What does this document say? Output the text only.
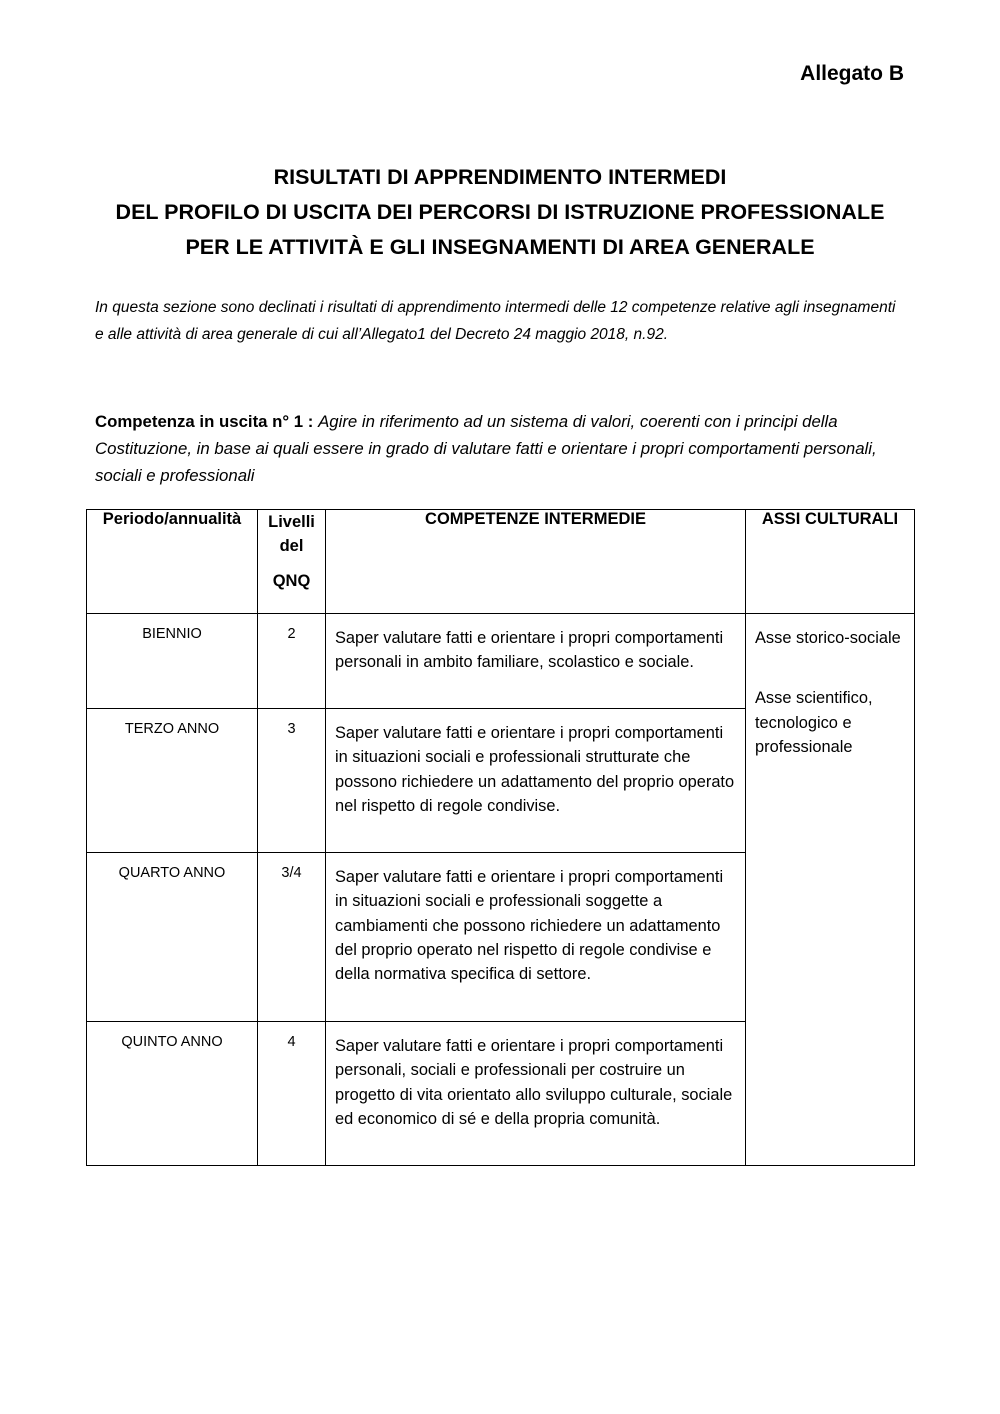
Allegato B
RISULTATI DI APPRENDIMENTO INTERMEDI
DEL PROFILO DI USCITA DEI PERCORSI DI ISTRUZIONE PROFESSIONALE
PER LE ATTIVITÀ E GLI INSEGNAMENTI DI AREA GENERALE
In questa sezione sono declinati i risultati di apprendimento intermedi delle 12 competenze relative agli insegnamenti e alle attività di area generale di cui all’Allegato1 del Decreto 24 maggio 2018, n.92.
Competenza in uscita n° 1 : Agire in riferimento ad un sistema di valori, coerenti con i principi della Costituzione, in base ai quali essere in grado di valutare fatti e orientare i propri comportamenti personali, sociali e professionali
Periodo/annualità	Livelli
del
QNQ	COMPETENZE INTERMEDIE	ASSI CULTURALI
BIENNIO	2	Saper valutare fatti e orientare i propri comportamenti personali in ambito familiare, scolastico e sociale.	Asse storico-sociale

Asse scientifico, tecnologico e professionale

TERZO ANNO	3	Saper valutare fatti e orientare i propri comportamenti in situazioni sociali e professionali strutturate che possono richiedere un adattamento del proprio operato nel rispetto di regole condivise.	
QUARTO ANNO	3/4	Saper valutare fatti e orientare i propri comportamenti in situazioni sociali e professionali soggette a cambiamenti che possono richiedere un adattamento del proprio operato nel rispetto di regole condivise e della normativa specifica di settore.	
QUINTO ANNO	4	Saper valutare fatti e orientare i propri comportamenti personali, sociali e professionali per costruire un progetto di vita orientato allo sviluppo culturale, sociale ed economico di sé e della propria comunità.	
